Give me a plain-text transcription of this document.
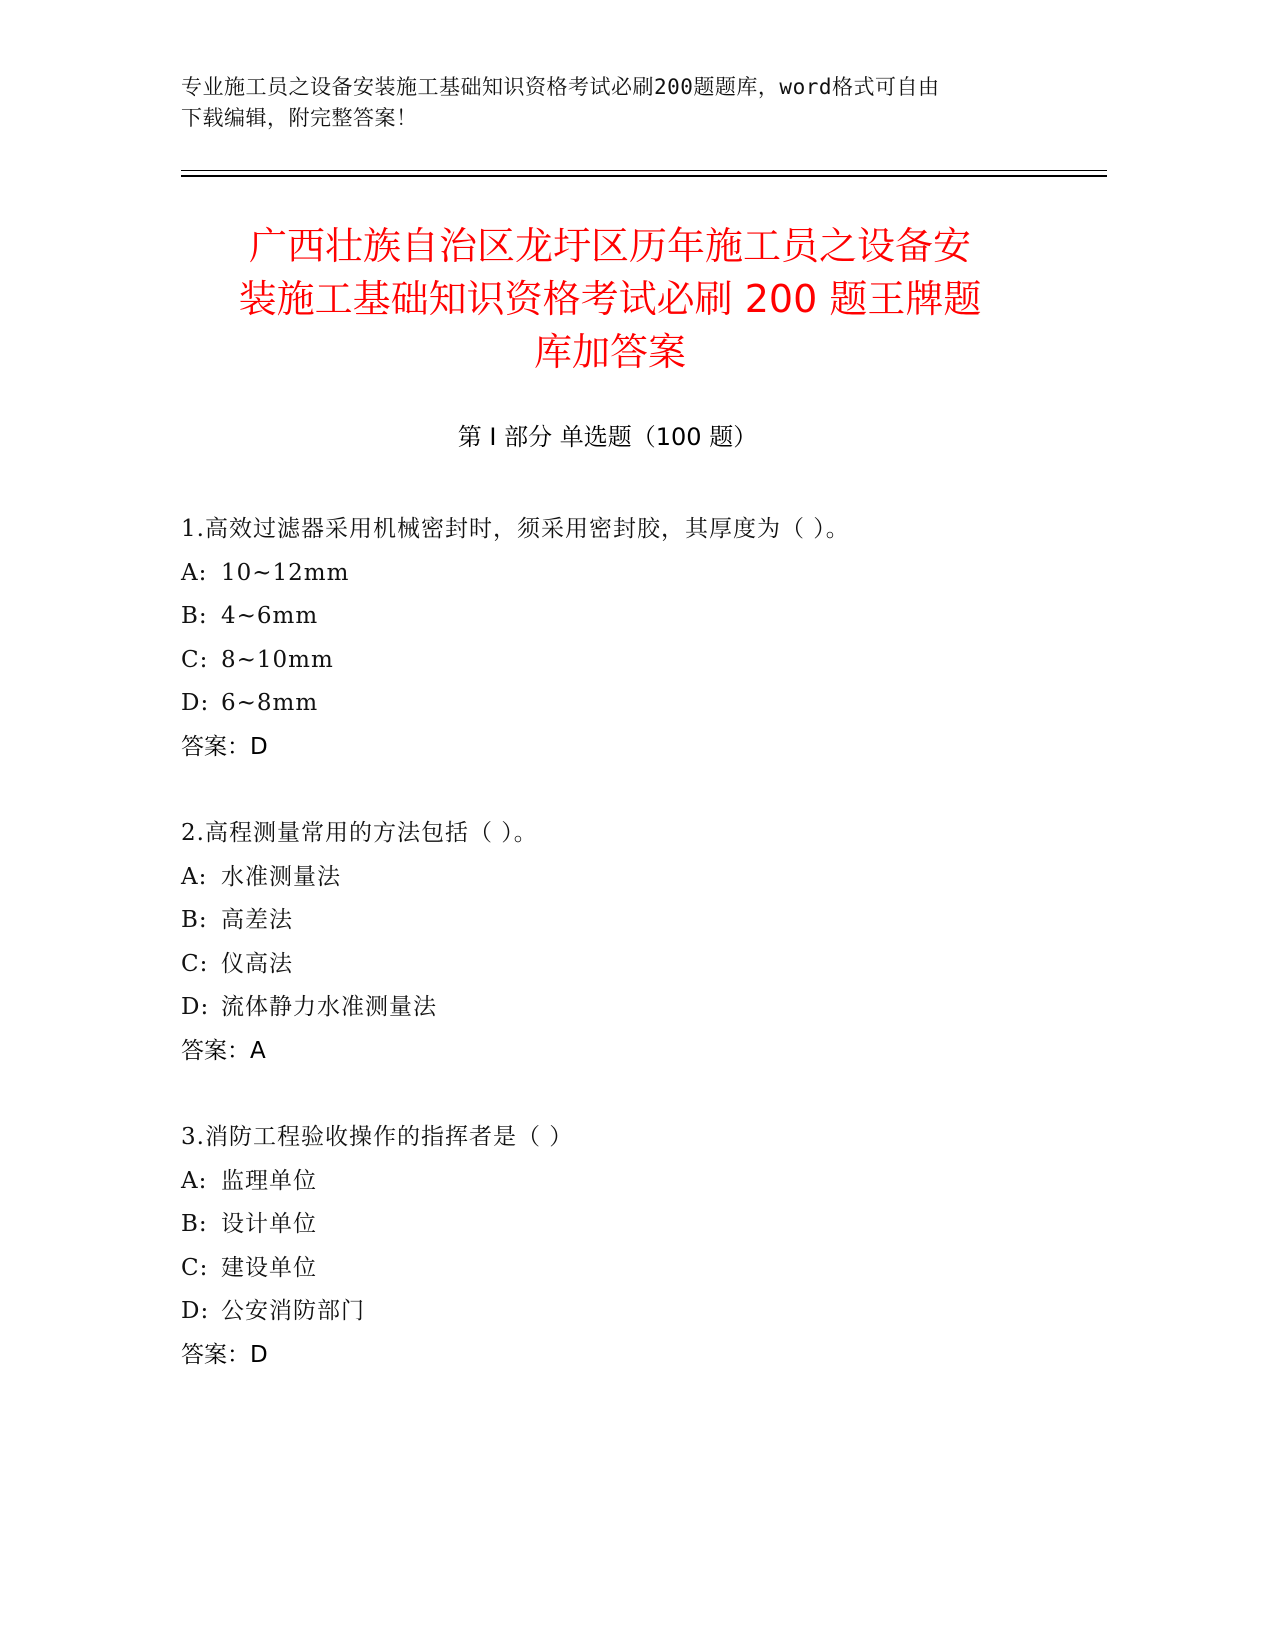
专业施工员之设备安装施工基础知识资格考试必刷200题题库，word格式可自由
下载编辑，附完整答案！
广西壮族自治区龙圩区历年施工员之设备安
装施工基础知识资格考试必刷 200 题王牌题
库加答案
第 I 部分 单选题（100 题）
1.高效过滤器采用机械密封时，须采用密封胶，其厚度为（ ）。
A: 10~12mm
B: 4~6mm
C: 8~10mm
D: 6~8mm
答案：D
2.高程测量常用的方法包括（ ）。
A: 水准测量法
B: 高差法
C: 仪高法
D: 流体静力水准测量法
答案：A
3.消防工程验收操作的指挥者是（ ）
A: 监理单位
B: 设计单位
C: 建设单位
D: 公安消防部门
答案：D
